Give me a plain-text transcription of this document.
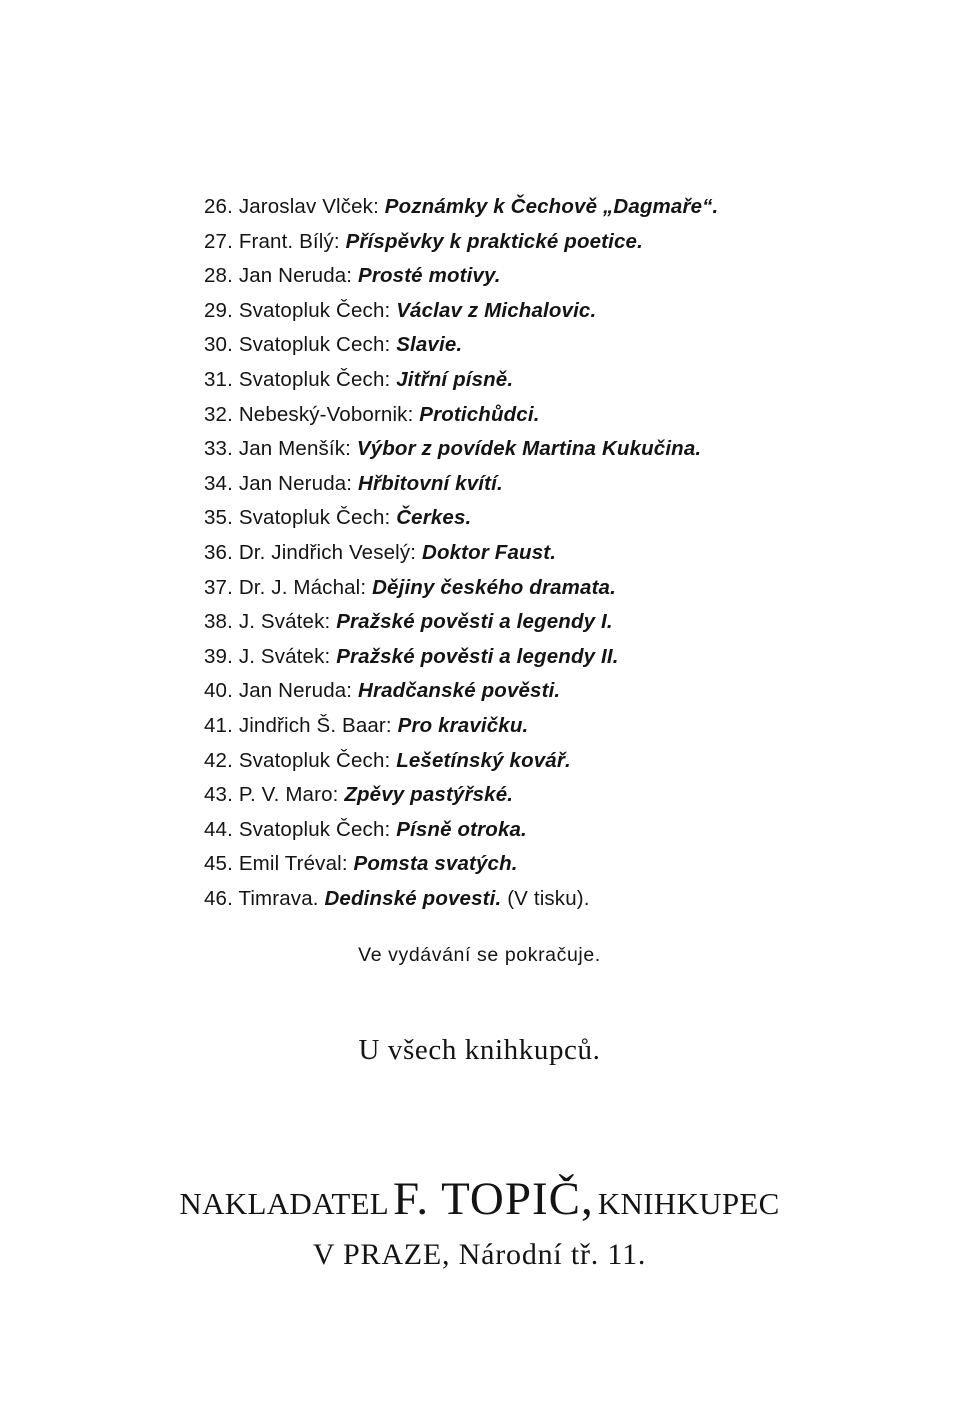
26. Jaroslav Vlček: Poznámky k Čechově „Dagmaře“.
27. Frant. Bílý: Příspěvky k praktické poetice.
28. Jan Neruda: Prosté motivy.
29. Svatopluk Čech: Václav z Michalovic.
30. Svatopluk Cech: Slavie.
31. Svatopluk Čech: Jitřní písně.
32. Nebeský-Vobornik: Protichůdci.
33. Jan Menšík: Výbor z povídek Martina Kukučina.
34. Jan Neruda: Hřbitovní kvítí.
35. Svatopluk Čech: Čerkes.
36. Dr. Jindřich Veselý: Doktor Faust.
37. Dr. J. Máchal: Dějiny českého dramata.
38. J. Svátek: Pražské pověsti a legendy I.
39. J. Svátek: Pražské pověsti a legendy II.
40. Jan Neruda: Hradčanské pověsti.
41. Jindřich Š. Baar: Pro kravičku.
42. Svatopluk Čech: Lešetínský kovář.
43. P. V. Maro: Zpěvy pastýřské.
44. Svatopluk Čech: Písně otroka.
45. Emil Tréval: Pomsta svatých.
46. Timrava. Dedinské povesti. (V tisku).

Ve vydávání se pokračuje.

U všech knihkupců.

NAKLADATEL F. TOPIČ, KNIHKUPEC

V PRAZE, Národní tř. 11.
